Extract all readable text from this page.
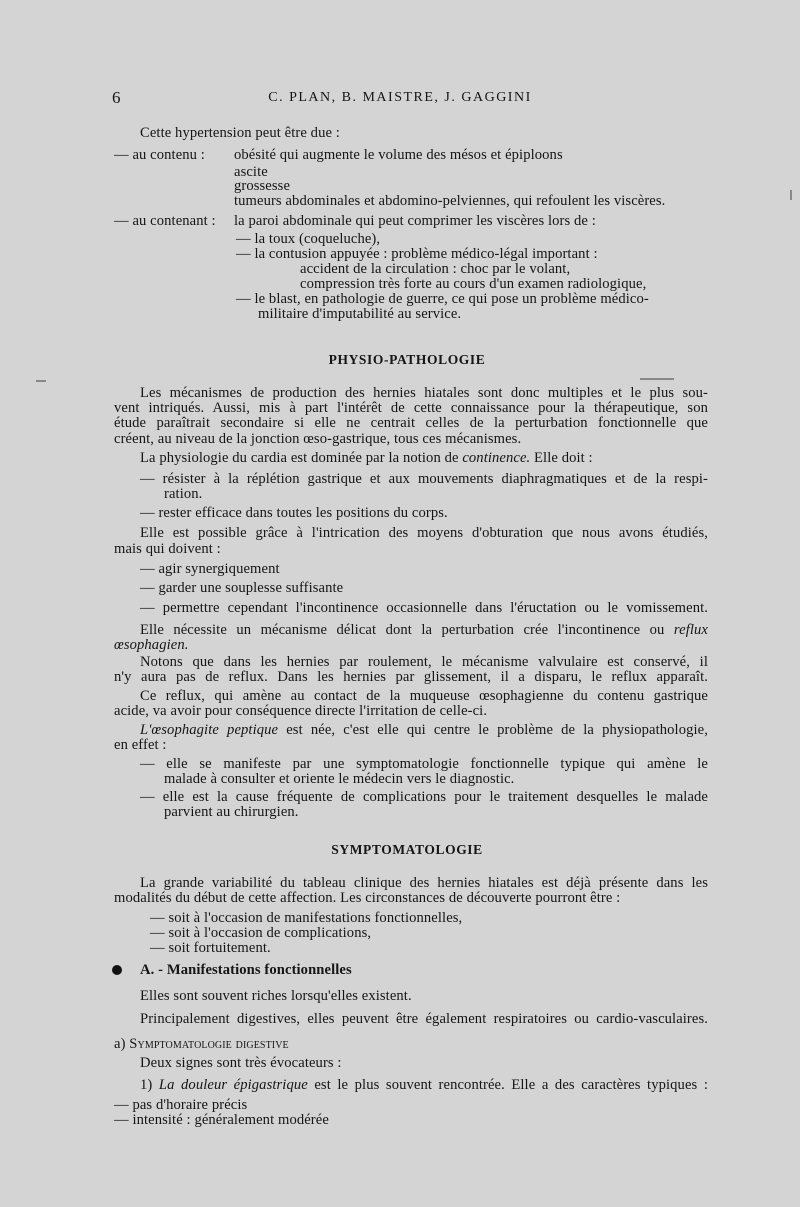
6	C. PLAN, B. MAISTRE, J. GAGGINI
Cette hypertension peut être due :
— au contenu : obésité qui augmente le volume des mésos et épiploons
ascite
grossesse
tumeurs abdominales et abdomino-pelviennes, qui refoulent les viscères.
— au contenant : la paroi abdominale qui peut comprimer les viscères lors de :
— la toux (coqueluche),
— la contusion appuyée : problème médico-légal important :
accident de la circulation : choc par le volant,
compression très forte au cours d'un examen radiologique,
— le blast, en pathologie de guerre, ce qui pose un problème médico-
militaire d'imputabilité au service.
PHYSIO-PATHOLOGIE
Les mécanismes de production des hernies hiatales sont donc multiples et le plus sou-
vent intriqués. Aussi, mis à part l'intérêt de cette connaissance pour la thérapeutique, son
étude paraîtrait secondaire si elle ne centrait celles de la perturbation fonctionnelle que
créent, au niveau de la jonction œso-gastrique, tous ces mécanismes.
La physiologie du cardia est dominée par la notion de continence. Elle doit :
— résister à la réplétion gastrique et aux mouvements diaphragmatiques et de la respi-
ration.
— rester efficace dans toutes les positions du corps.
Elle est possible grâce à l'intrication des moyens d'obturation que nous avons étudiés,
mais qui doivent :
— agir synergiquement
— garder une souplesse suffisante
— permettre cependant l'incontinence occasionnelle dans l'éructation ou le vomissement.
Elle nécessite un mécanisme délicat dont la perturbation crée l'incontinence ou reflux
œsophagien.
Notons que dans les hernies par roulement, le mécanisme valvulaire est conservé, il
n'y aura pas de reflux. Dans les hernies par glissement, il a disparu, le reflux apparaît.
Ce reflux, qui amène au contact de la muqueuse œsophagienne du contenu gastrique
acide, va avoir pour conséquence directe l'irritation de celle-ci.
L'œsophagite peptique est née, c'est elle qui centre le problème de la physiopathologie,
en effet :
— elle se manifeste par une symptomatologie fonctionnelle typique qui amène le
malade à consulter et oriente le médecin vers le diagnostic.
— elle est la cause fréquente de complications pour le traitement desquelles le malade
parvient au chirurgien.
SYMPTOMATOLOGIE
La grande variabilité du tableau clinique des hernies hiatales est déjà présente dans les
modalités du début de cette affection. Les circonstances de découverte pourront être :
— soit à l'occasion de manifestations fonctionnelles,
— soit à l'occasion de complications,
— soit fortuitement.
A. - Manifestations fonctionnelles
Elles sont souvent riches lorsqu'elles existent.
Principalement digestives, elles peuvent être également respiratoires ou cardio-vasculaires.
a) Symptomatologie digestive
Deux signes sont très évocateurs :
1) La douleur épigastrique est le plus souvent rencontrée. Elle a des caractères typiques :
— pas d'horaire précis
— intensité : généralement modérée
